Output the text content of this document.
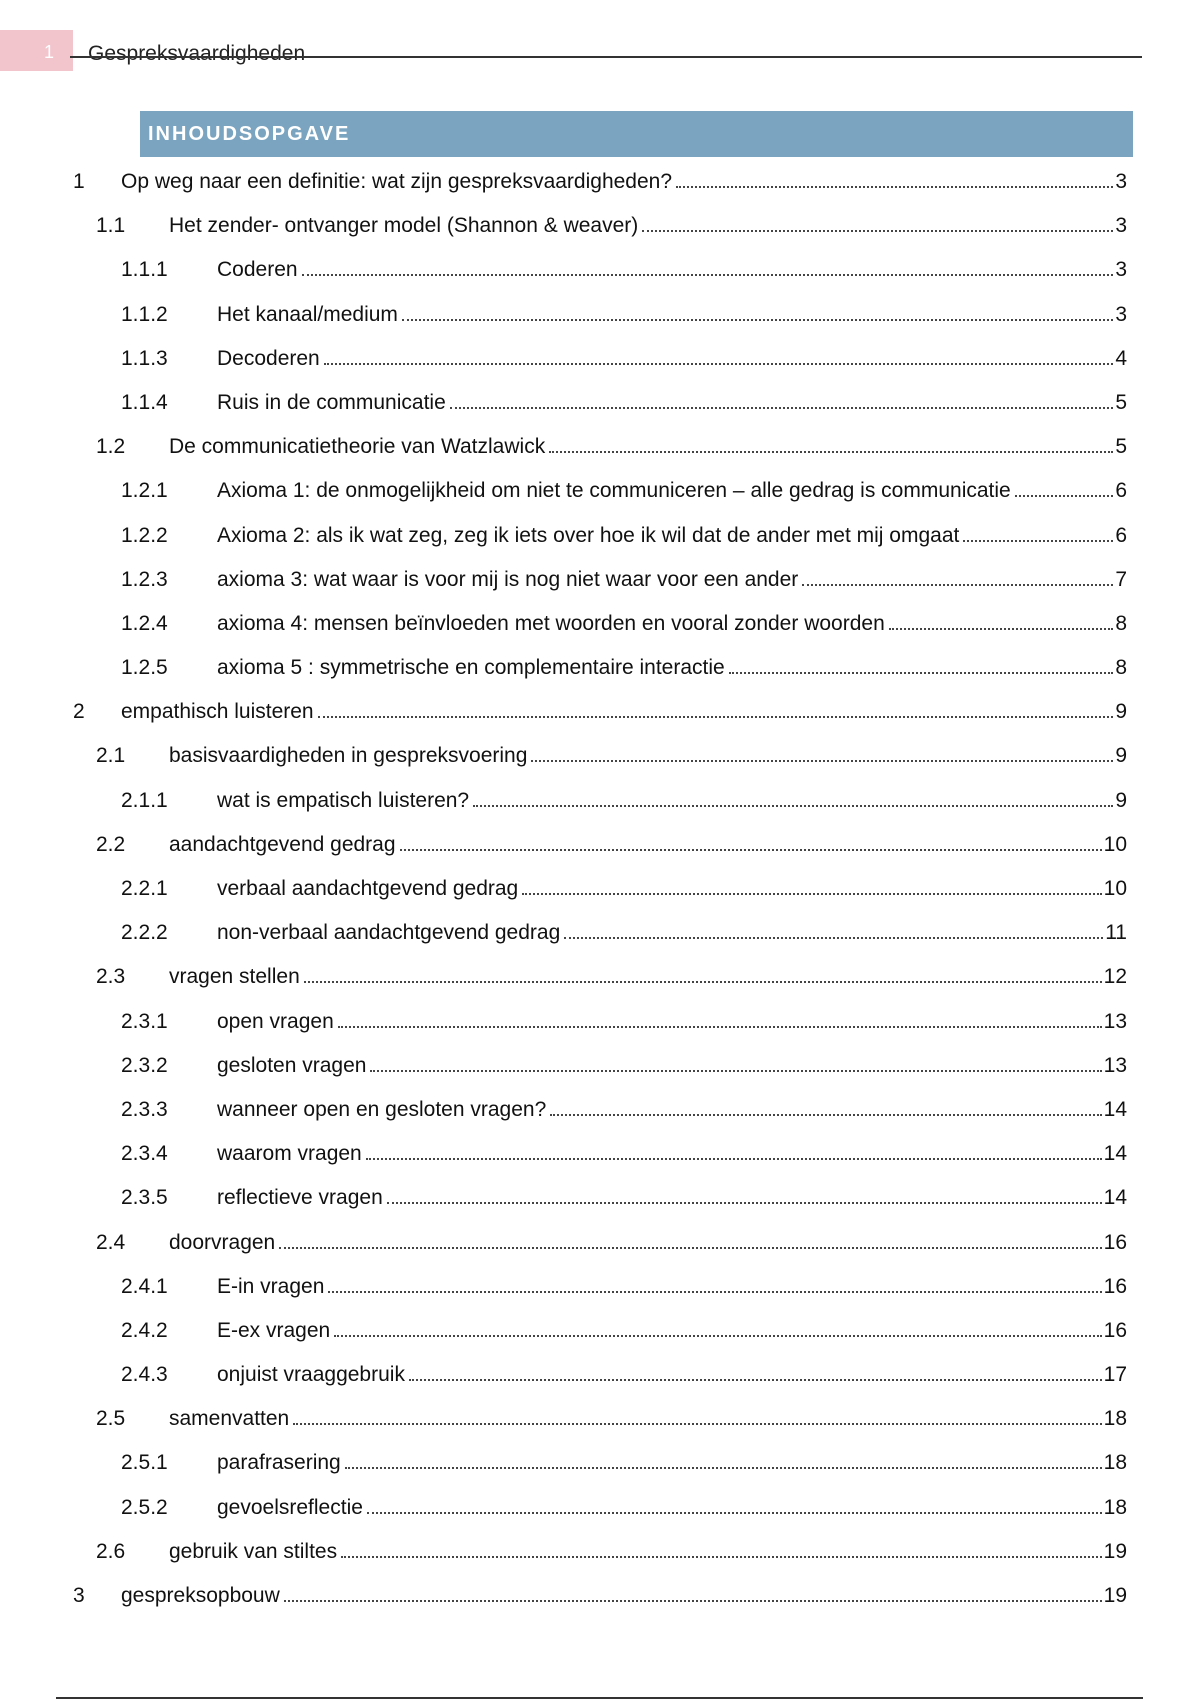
1	Gespreksvaardigheden
INHOUDSOPGAVE
1 Op weg naar een definitie: wat zijn gespreksvaardigheden?	3
1.1 Het zender- ontvanger model (Shannon & weaver)	3
1.1.1 Coderen	3
1.1.2 Het kanaal/medium	3
1.1.3 Decoderen	4
1.1.4 Ruis in de communicatie	5
1.2 De communicatietheorie van Watzlawick	5
1.2.1 Axioma 1: de onmogelijkheid om niet te communiceren – alle gedrag is communicatie	6
1.2.2 Axioma 2: als ik wat zeg, zeg ik iets over hoe ik wil dat de ander met mij omgaat	6
1.2.3 axioma 3: wat waar is voor mij is nog niet waar voor een ander	7
1.2.4 axioma 4: mensen beïnvloeden met woorden en vooral zonder woorden	8
1.2.5 axioma 5 : symmetrische en complementaire interactie	8
2 empathisch luisteren	9
2.1 basisvaardigheden in gespreksvoering	9
2.1.1 wat is empatisch luisteren?	9
2.2 aandachtgevend gedrag	10
2.2.1 verbaal aandachtgevend gedrag	10
2.2.2 non-verbaal aandachtgevend gedrag	11
2.3 vragen stellen	12
2.3.1 open vragen	13
2.3.2 gesloten vragen	13
2.3.3 wanneer open en gesloten vragen?	14
2.3.4 waarom vragen	14
2.3.5 reflectieve vragen	14
2.4 doorvragen	16
2.4.1 E-in vragen	16
2.4.2 E-ex vragen	16
2.4.3 onjuist vraaggebruik	17
2.5 samenvatten	18
2.5.1 parafrasering	18
2.5.2 gevoelsreflectie	18
2.6 gebruik van stiltes	19
3 gespreksopbouw	19
